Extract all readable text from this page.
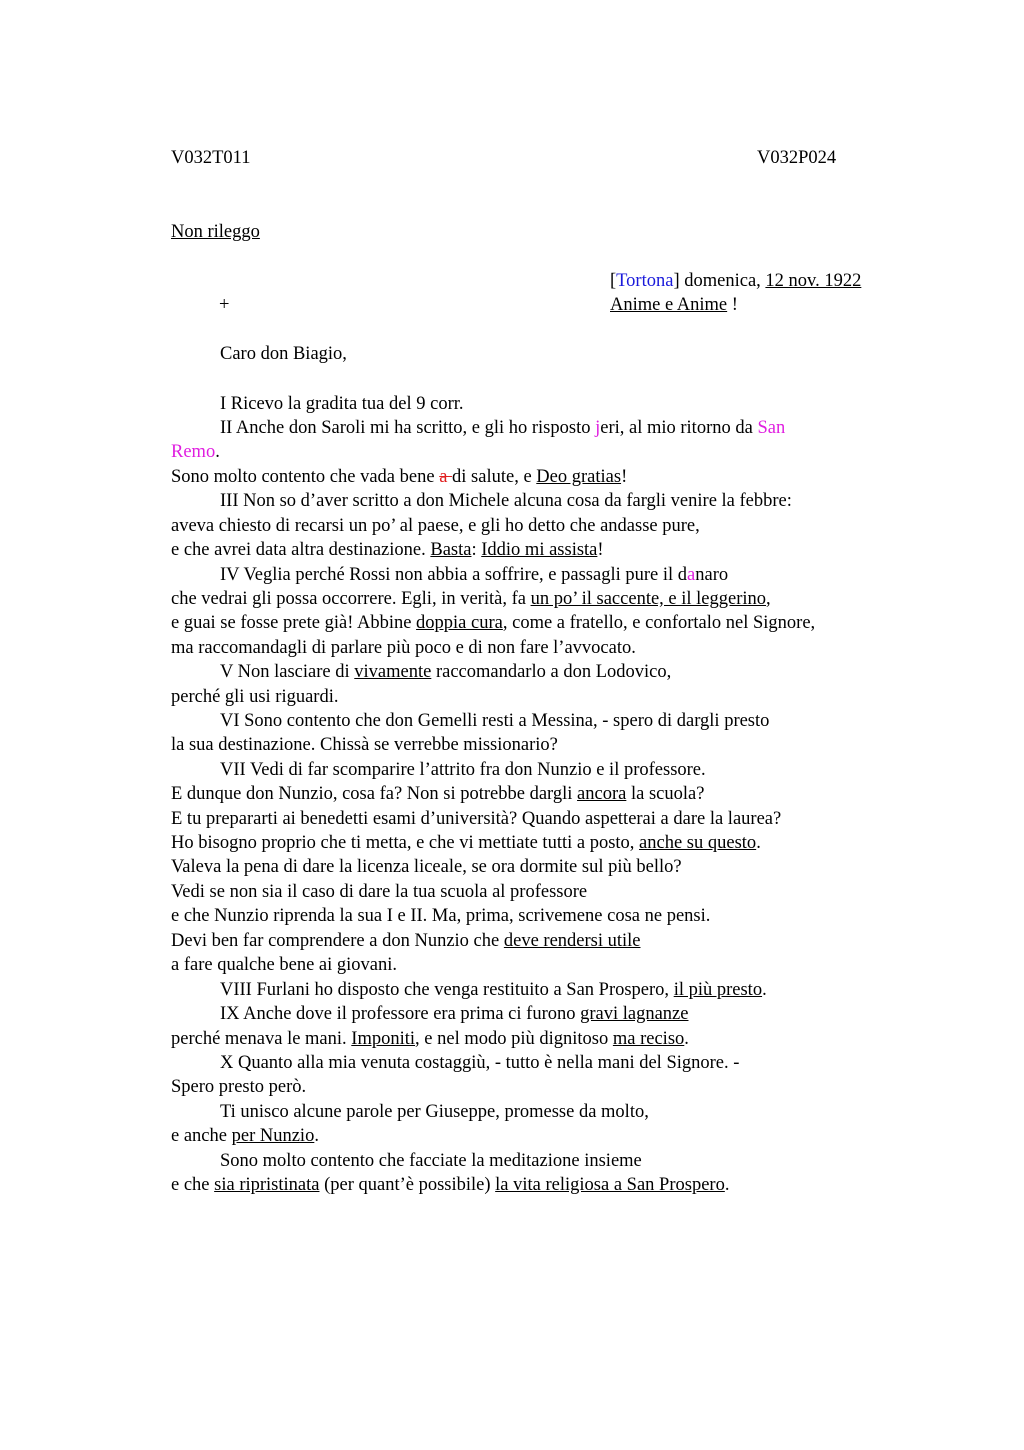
V032T011	V032P024
Non rileggo
[Tortona] domenica, 12 nov. 1922
Anime e Anime !
+
Caro don Biagio,
I Ricevo la gradita tua del 9 corr.
II Anche don Saroli mi ha scritto, e gli ho risposto jeri, al mio ritorno da San
Remo.
Sono molto contento che vada bene a di salute, e Deo gratias!
III Non so d’aver scritto a don Michele alcuna cosa da fargli venire la febbre:
aveva chiesto di recarsi un po’ al paese, e gli ho detto che andasse pure,
e che avrei data altra destinazione. Basta: Iddio mi assista!
IV Veglia perché Rossi non abbia a soffrire, e passagli pure il danaro
che vedrai gli possa occorrere. Egli, in verità, fa un po’ il saccente, e il leggerino,
e guai se fosse prete già! Abbine doppia cura, come a fratello, e confortalo nel Signore,
ma raccomandagli di parlare più poco e di non fare l’avvocato.
V Non lasciare di vivamente raccomandarlo a don Lodovico,
perché gli usi riguardi.
VI Sono contento che don Gemelli resti a Messina, - spero di dargli presto
la sua destinazione. Chissà se verrebbe missionario?
VII Vedi di far scomparire l’attrito fra don Nunzio e il professore.
E dunque don Nunzio, cosa fa? Non si potrebbe dargli ancora la scuola?
E tu prepararti ai benedetti esami d’università? Quando aspetterai a dare la laurea?
Ho bisogno proprio che ti metta, e che vi mettiate tutti a posto, anche su questo.
Valeva la pena di dare la licenza liceale, se ora dormite sul più bello?
Vedi se non sia il caso di dare la tua scuola al professore
e che Nunzio riprenda la sua I e II. Ma, prima, scrivemene cosa ne pensi.
Devi ben far comprendere a don Nunzio che deve rendersi utile
a fare qualche bene ai giovani.
VIII Furlani ho disposto che venga restituito a San Prospero, il più presto.
IX Anche dove il professore era prima ci furono gravi lagnanze
perché menava le mani. Imponiti, e nel modo più dignitoso ma reciso.
X Quanto alla mia venuta costaggiù, - tutto è nella mani del Signore. -
Spero presto però.
Ti unisco alcune parole per Giuseppe, promesse da molto,
e anche per Nunzio.
Sono molto contento che facciate la meditazione insieme
e che sia ripristinata (per quant’è possibile) la vita religiosa a San Prospero.
